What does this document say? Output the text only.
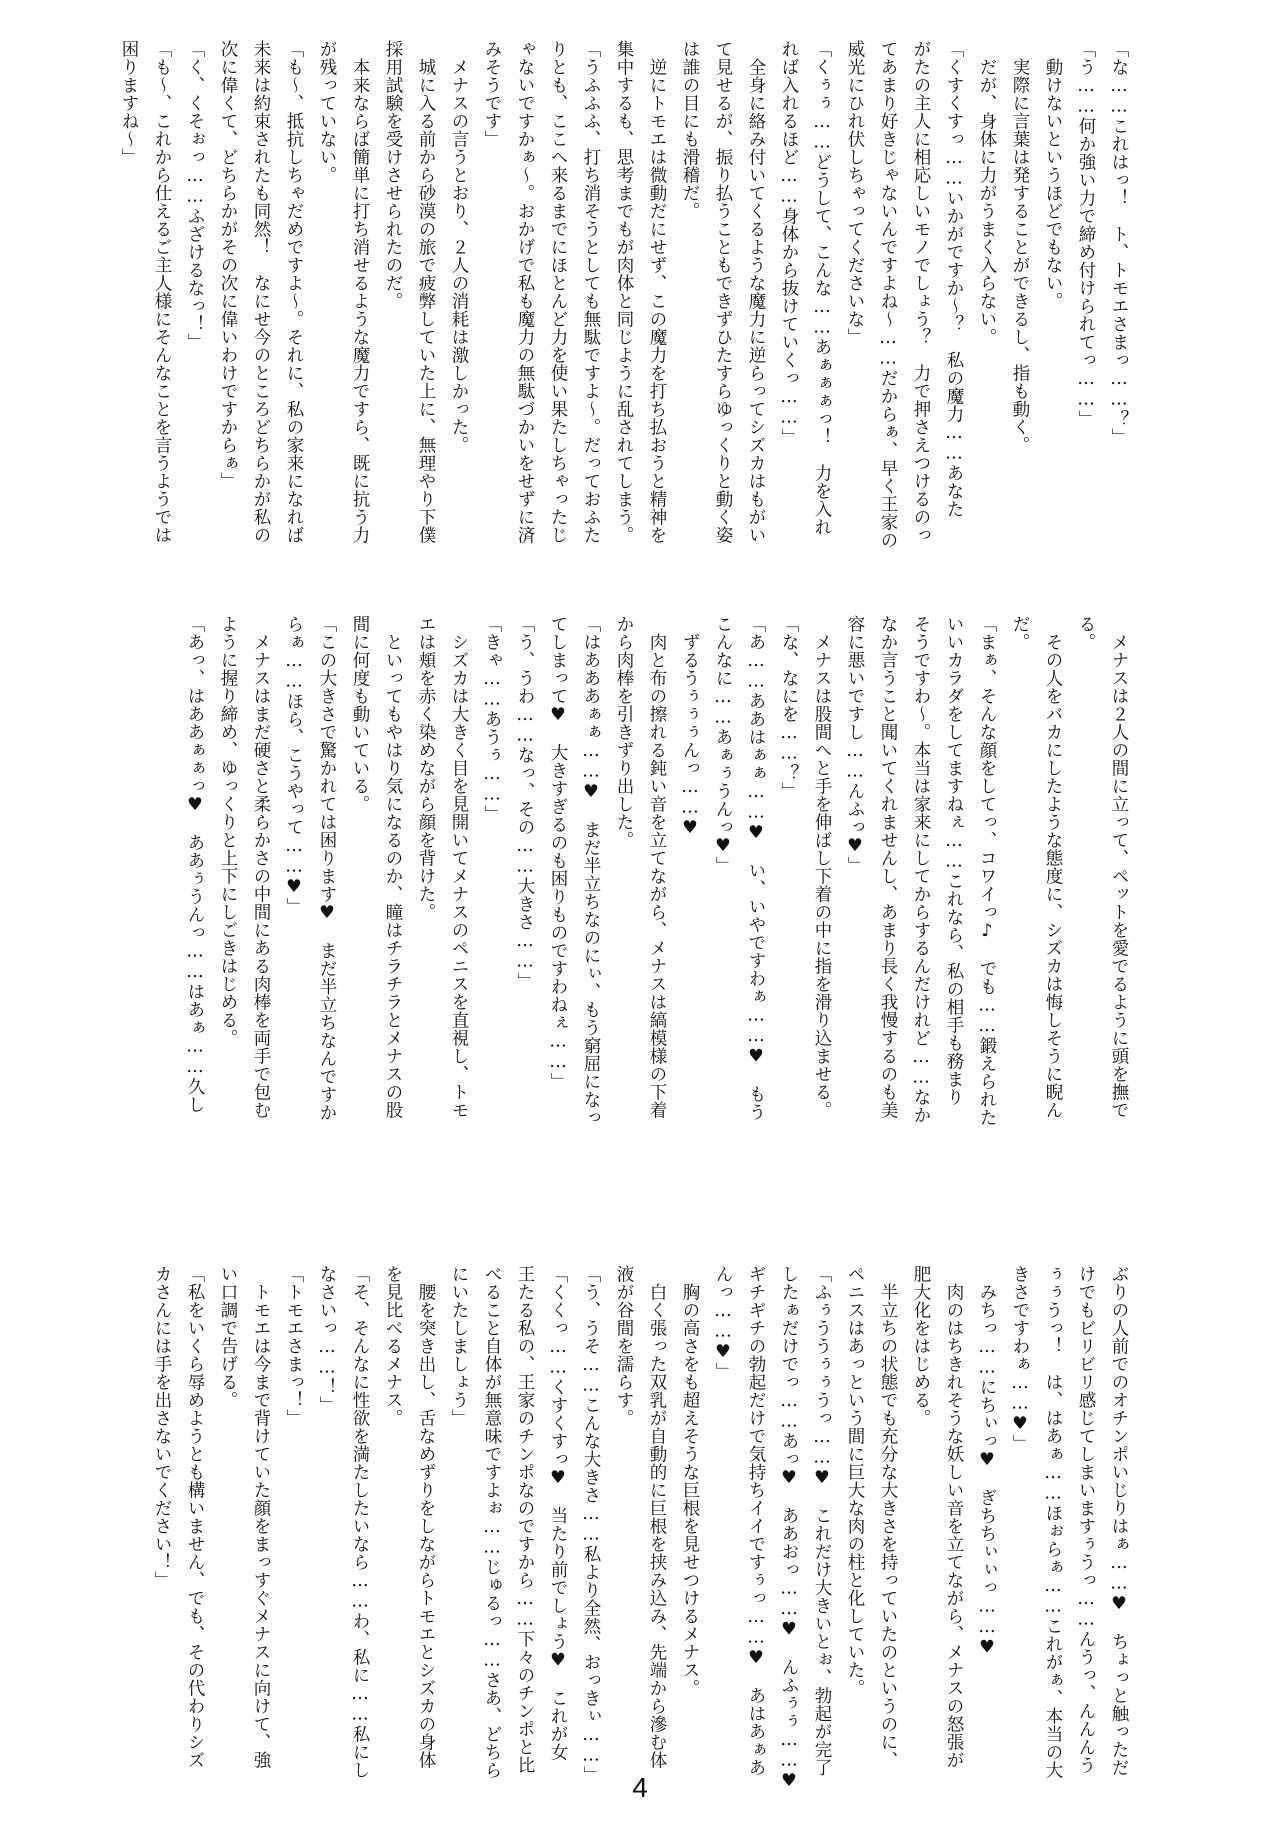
「な……これはっ！　ト、トモエさまっ……？」
「う……何か強い力で締め付けられてっ……」
　動けないというほどでもない。
　実際に言葉は発することができるし、指も動く。
　だが、身体に力がうまく入らない。
「くすくすっ……いかがですか～？　私の魔力……あなた
がたの主人に相応しいモノでしょう？　力で押さえつけるのっ
てあまり好きじゃないんですよね～……だからぁ、早く王家の
威光にひれ伏しちゃってくださいな」
「くぅぅ……どうして、こんな……あぁぁぁっ！　力を入れ
れば入れるほど……身体から抜けていくっ……」
　全身に絡み付いてくるような魔力に逆らってシズカはもがい
て見せるが、振り払うこともできずひたすらゆっくりと動く姿
は誰の目にも滑稽だ。
　逆にトモエは微動だにせず、この魔力を打ち払おうと精神を
集中するも、思考までもが肉体と同じように乱されてしまう。
「うふふふ、打ち消そうとしても無駄ですよ～。だっておふた
りとも、ここへ来るまでにほとんど力を使い果たしちゃったじ
ゃないですかぁ～。おかげで私も魔力の無駄づかいをせずに済
みそうです」
　メナスの言うとおり、２人の消耗は激しかった。
　城に入る前から砂漠の旅で疲弊していた上に、無理やり下僕
採用試験を受けさせられたのだ。
　本来ならば簡単に打ち消せるような魔力ですら、既に抗う力
が残っていない。
「も～、抵抗しちゃだめですよ～。それに、私の家来になれば
未来は約束されたも同然！　なにせ今のところどちらかが私の
次に偉くて、どちらかがその次に偉いわけですからぁ」
「く、くそぉっ……ふざけるなっ！」
「も～、これから仕えるご主人様にそんなことを言うようでは
困りますね～」
　メナスは２人の間に立って、ペットを愛でるように頭を撫で
る。
　その人をバカにしたような態度に、シズカは悔しそうに睨ん
だ。
「まぁ、そんな顔をしてっ、コワイっ♪　でも……鍛えられた
いいカラダをしてますねぇ……これなら、私の相手も務まり
そうですわ～。本当は家来にしてからするんだけれど……なか
なか言うこと聞いてくれませんし、あまり長く我慢するのも美
容に悪いですし……んふっ♥」
　メナスは股間へと手を伸ばし下着の中に指を滑り込ませる。
「な、なにを……？」
「あ……ああはぁぁ……♥　い、いやですわぁ……♥　もう
こんなに……あぁぅうんっ♥」
　ずるうぅぅぅんっ……♥
　肉と布の擦れる鈍い音を立てながら、メナスは縞模様の下着
から肉棒を引きずり出した。
「はあああぁぁ……♥　まだ半立ちなのにぃ、もう窮屈になっ
てしまって♥　大きすぎるのも困りものですわねぇ……」
「う、うわ……なっ、その……大きさ……」
「きゃ……あうぅ……」
　シズカは大きく目を見開いてメナスのペニスを直視し、トモ
エは頬を赤く染めながら顔を背けた。
　といってもやはり気になるのか、瞳はチラチラとメナスの股
間に何度も動いている。
「この大きさで驚かれては困ります♥　まだ半立ちなんですか
らぁ……ほら、こうやって……♥」
　メナスはまだ硬さと柔らかさの中間にある肉棒を両手で包む
ように握り締め、ゆっくりと上下にしごきはじめる。
「あっ、はああぁぁっ♥　ああぅうんっ……はあぁ……久し
ぶりの人前でのオチンポいじりはぁ……♥　ちょっと触っただ
けでもビリビリ感じてしまいますぅうっ……んうっ、んんんう
ぅぅうっ！　は、はあぁ……ほぉらぁ……これがぁ、本当の大
きさですわぁ……♥」
　みちっ……にちぃっ♥　ぎちちぃぃっ……♥
　肉のはちきれそうな妖しい音を立てながら、メナスの怒張が
肥大化をはじめる。
　半立ちの状態でも充分な大きさを持っていたのというのに、
ペニスはあっという間に巨大な肉の柱と化していた。
「ふぅううぅぅうっ……♥　これだけ大きいとぉ、勃起が完了
したぁだけでっ……あっ♥　ああおっ……♥　んふぅぅ……♥
ギチギチの勃起だけで気持ちイイですぅっ……♥　あはあぁあ
んっ……♥」
　胸の高さをも超えそうな巨根を見せつけるメナス。
　白く張った双乳が自動的に巨根を挟み込み、先端から滲む体
液が谷間を濡らす。
「う、うそ……こんな大きさ……私より全然、おっきぃ……」
「くくっ……くすくすっ♥　当たり前でしょう♥　これが女
王たる私の、王家のチンポなのですから……下々のチンポと比
べること自体が無意味ですよぉ……じゅるっ……さあ、どちら
にいたしましょう」
　腰を突き出し、舌なめずりをしながらトモエとシズカの身体
を見比べるメナス。
「そ、そんなに性欲を満たしたいなら……わ、私に……私にし
なさいっ……！」
「トモエさまっ！」
　トモエは今まで背けていた顔をまっすぐメナスに向けて、強
い口調で告げる。
「私をいくら辱めようとも構いません、でも、その代わりシズ
カさんには手を出さないでください！」
4
